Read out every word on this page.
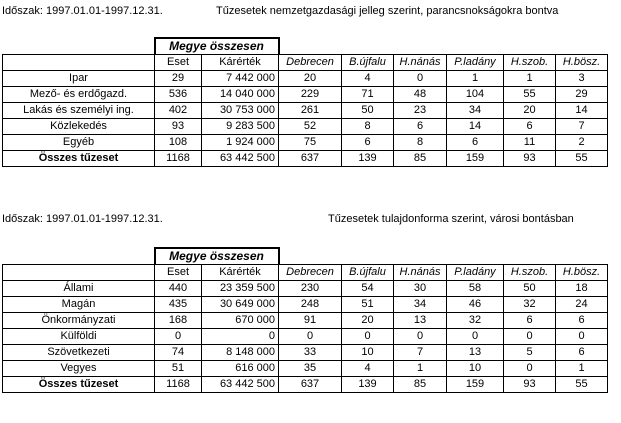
Időszak: 1997.01.01-1997.12.31.	Tűzesetek nemzetgazdasági jelleg szerint, parancsnokságokra bontva
	Megye összesen							
	Eset	Kárérték	Debrecen	B.újfalu	H.nánás	P.ladány	H.szob.	H.bösz.
Ipar	29	7 442 000	20	4	0	1	1	3
Mező- és erdőgazd.	536	14 040 000	229	71	48	104	55	29
Lakás és személyi ing.	402	30 753 000	261	50	23	34	20	14
Közlekedés	93	9 283 500	52	8	6	14	6	7
Egyéb	108	1 924 000	75	6	8	6	11	2
Összes tűzeset	1168	63 442 500	637	139	85	159	93	55
Időszak: 1997.01.01-1997.12.31.	Tűzesetek tulajdonforma szerint, városi bontásban
	Megye összesen							
	Eset	Kárérték	Debrecen	B.újfalu	H.nánás	P.ladány	H.szob.	H.bösz.
Állami	440	23 359 500	230	54	30	58	50	18
Magán	435	30 649 000	248	51	34	46	32	24
Önkormányzati	168	670 000	91	20	13	32	6	6
Külföldi	0	0	0	0	0	0	0	0
Szövetkezeti	74	8 148 000	33	10	7	13	5	6
Vegyes	51	616 000	35	4	1	10	0	1
Összes tűzeset	1168	63 442 500	637	139	85	159	93	55
